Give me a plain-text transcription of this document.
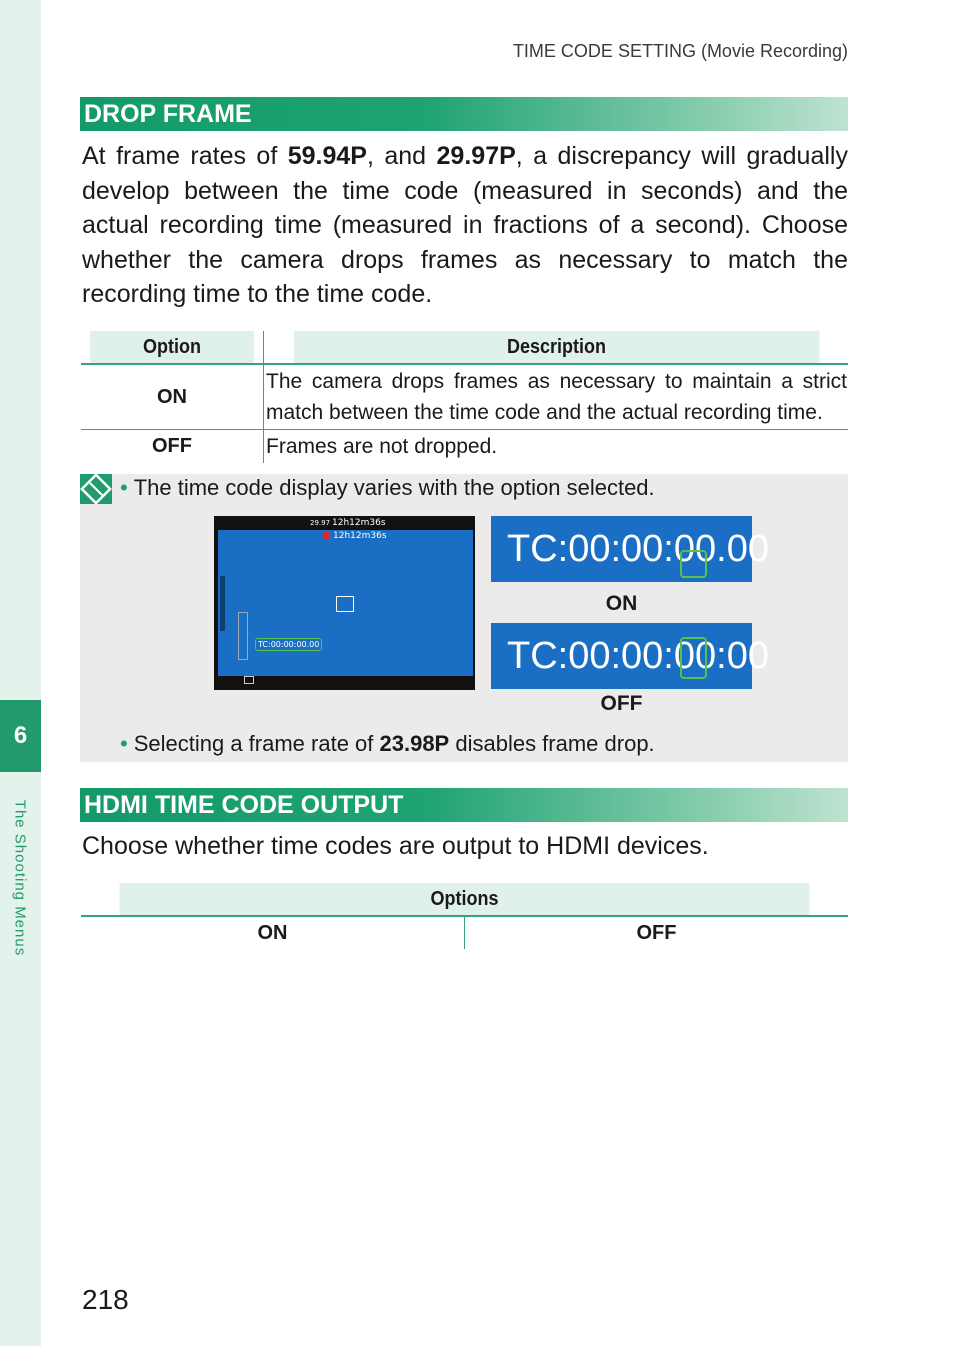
6
The Shooting Menus
TIME CODE SETTING (Movie Recording)
DROP FRAME
At frame rates of 59.94P, and 29.97P, a discrepancy will gradually develop between the time code (measured in seconds) and the actual recording time (measured in fractions of a second). Choose whether the camera drops frames as necessary to match the recording time to the time code.
Option	Description
ON	The camera drops frames as necessary to maintain a strict match between the time code and the actual recording time.
OFF	Frames are not dropped.
• The time code display varies with the option selected.
29.97 12h12m36s
● 12h12m36s
TC:00:00:00.00
TC:00:00:00.00
ON
TC:00:00:00:00
OFF
• Selecting a frame rate of 23.98P disables frame drop.
HDMI TIME CODE OUTPUT
Choose whether time codes are output to HDMI devices.
Options
ON	OFF
218
